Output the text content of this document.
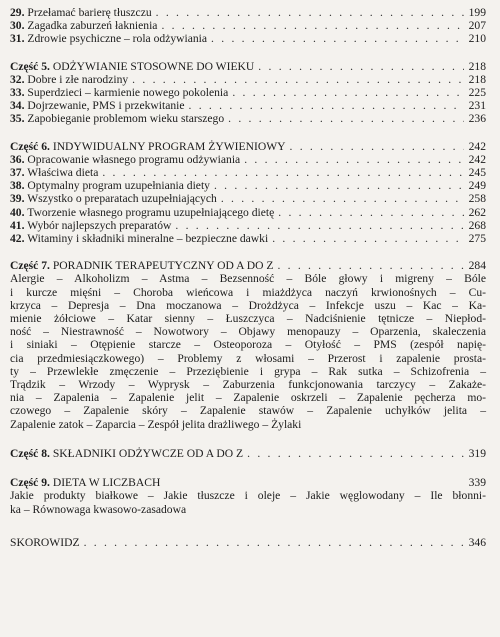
29. Przełamać barierę tłuszczu . . .	199
30. Zagadka zaburzeń łaknienia . . .	207
31. Zdrowie psychiczne – rola odżywiania . . .	210
Część 5. ODŻYWIANIE STOSOWNE DO WIEKU . . .	218
32. Dobre i złe narodziny . . .	218
33. Superdzieci – karmienie nowego pokolenia . . .	225
34. Dojrzewanie, PMS i przekwitanie . . .	231
35. Zapobieganie problemom wieku starszego . . .	236
Część 6. INDYWIDUALNY PROGRAM ŻYWIENIOWY . . .	242
36. Opracowanie własnego programu odżywiania . . .	242
37. Właściwa dieta . . .	245
38. Optymalny program uzupełniania diety . . .	249
39. Wszystko o preparatach uzupełniających . . .	258
40. Tworzenie własnego programu uzupełniającego dietę . . .	262
41. Wybór najlepszych preparatów . . .	268
42. Witaminy i składniki mineralne – bezpieczne dawki . . .	275
Część 7. PORADNIK TERAPEUTYCZNY OD A DO Z . . .	284
Alergie – Alkoholizm – Astma – Bezsenność – Bóle głowy i migreny – Bóle
i kurcze mięśni – Choroba wieńcowa i miażdżyca naczyń krwionośnych – Cu-
krzyca – Depresja – Dna moczanowa – Drożdżyca – Infekcje uszu – Kac – Ka-
mienie żółciowe – Katar sienny – Łuszczyca – Nadciśnienie tętnicze – Niepłod-
ność – Niestrawność – Nowotwory – Objawy menopauzy – Oparzenia, skaleczenia
i siniaki – Otępienie starcze – Osteoporoza – Otyłość – PMS (zespół napię-
cia przedmiesiączkowego) – Problemy z włosami – Przerost i zapalenie prosta-
ty – Przewlekłe zmęczenie – Przeziębienie i grypa – Rak sutka – Schizofrenia –
Trądzik – Wrzody – Wyprysk – Zaburzenia funkcjonowania tarczycy – Zakaże-
nia – Zapalenia – Zapalenie jelit – Zapalenie oskrzeli – Zapalenie pęcherza mo-
czowego – Zapalenie skóry – Zapalenie stawów – Zapalenie uchyłków jelita –
Zapalenie zatok – Zaparcia – Zespół jelita drażliwego – Żylaki
Część 8. SKŁADNIKI ODŻYWCZE OD A DO Z . . .	319
Część 9. DIETA W LICZBACH	339
Jakie produkty białkowe – Jakie tłuszcze i oleje – Jakie węglowodany – Ile błonni-
ka – Równowaga kwasowo-zasadowa
SKOROWIDZ . . .	346
